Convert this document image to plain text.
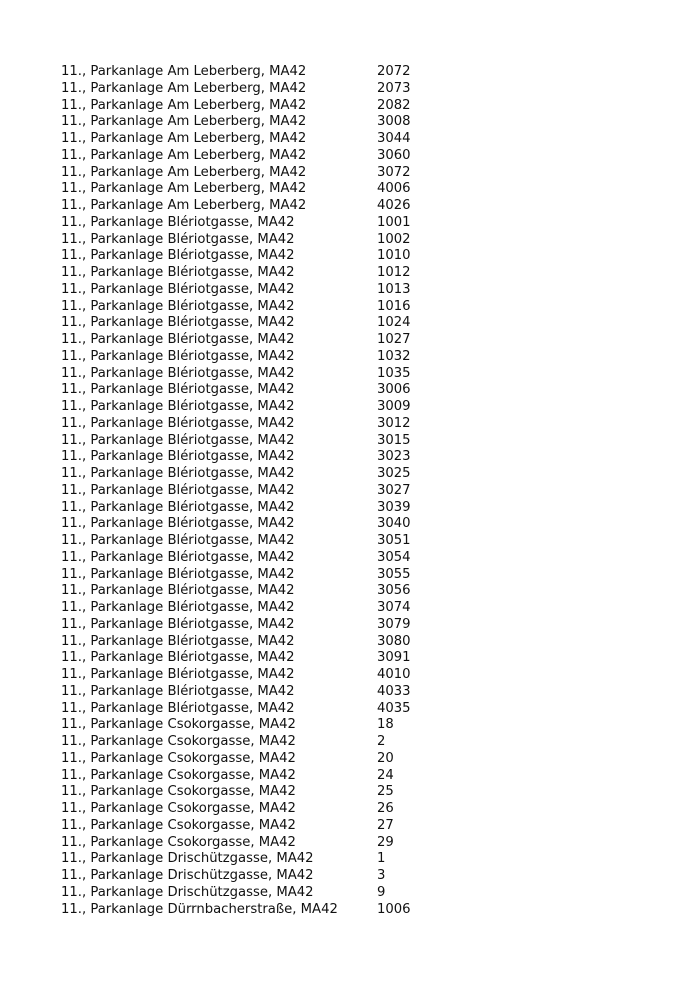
11., Parkanlage Am Leberberg, MA42	2072
11., Parkanlage Am Leberberg, MA42	2073
11., Parkanlage Am Leberberg, MA42	2082
11., Parkanlage Am Leberberg, MA42	3008
11., Parkanlage Am Leberberg, MA42	3044
11., Parkanlage Am Leberberg, MA42	3060
11., Parkanlage Am Leberberg, MA42	3072
11., Parkanlage Am Leberberg, MA42	4006
11., Parkanlage Am Leberberg, MA42	4026
11., Parkanlage Blériotgasse, MA42	1001
11., Parkanlage Blériotgasse, MA42	1002
11., Parkanlage Blériotgasse, MA42	1010
11., Parkanlage Blériotgasse, MA42	1012
11., Parkanlage Blériotgasse, MA42	1013
11., Parkanlage Blériotgasse, MA42	1016
11., Parkanlage Blériotgasse, MA42	1024
11., Parkanlage Blériotgasse, MA42	1027
11., Parkanlage Blériotgasse, MA42	1032
11., Parkanlage Blériotgasse, MA42	1035
11., Parkanlage Blériotgasse, MA42	3006
11., Parkanlage Blériotgasse, MA42	3009
11., Parkanlage Blériotgasse, MA42	3012
11., Parkanlage Blériotgasse, MA42	3015
11., Parkanlage Blériotgasse, MA42	3023
11., Parkanlage Blériotgasse, MA42	3025
11., Parkanlage Blériotgasse, MA42	3027
11., Parkanlage Blériotgasse, MA42	3039
11., Parkanlage Blériotgasse, MA42	3040
11., Parkanlage Blériotgasse, MA42	3051
11., Parkanlage Blériotgasse, MA42	3054
11., Parkanlage Blériotgasse, MA42	3055
11., Parkanlage Blériotgasse, MA42	3056
11., Parkanlage Blériotgasse, MA42	3074
11., Parkanlage Blériotgasse, MA42	3079
11., Parkanlage Blériotgasse, MA42	3080
11., Parkanlage Blériotgasse, MA42	3091
11., Parkanlage Blériotgasse, MA42	4010
11., Parkanlage Blériotgasse, MA42	4033
11., Parkanlage Blériotgasse, MA42	4035
11., Parkanlage Csokorgasse, MA42	18
11., Parkanlage Csokorgasse, MA42	2
11., Parkanlage Csokorgasse, MA42	20
11., Parkanlage Csokorgasse, MA42	24
11., Parkanlage Csokorgasse, MA42	25
11., Parkanlage Csokorgasse, MA42	26
11., Parkanlage Csokorgasse, MA42	27
11., Parkanlage Csokorgasse, MA42	29
11., Parkanlage Drischützgasse, MA42	1
11., Parkanlage Drischützgasse, MA42	3
11., Parkanlage Drischützgasse, MA42	9
11., Parkanlage Dürrnbacherstraße, MA42	1006
